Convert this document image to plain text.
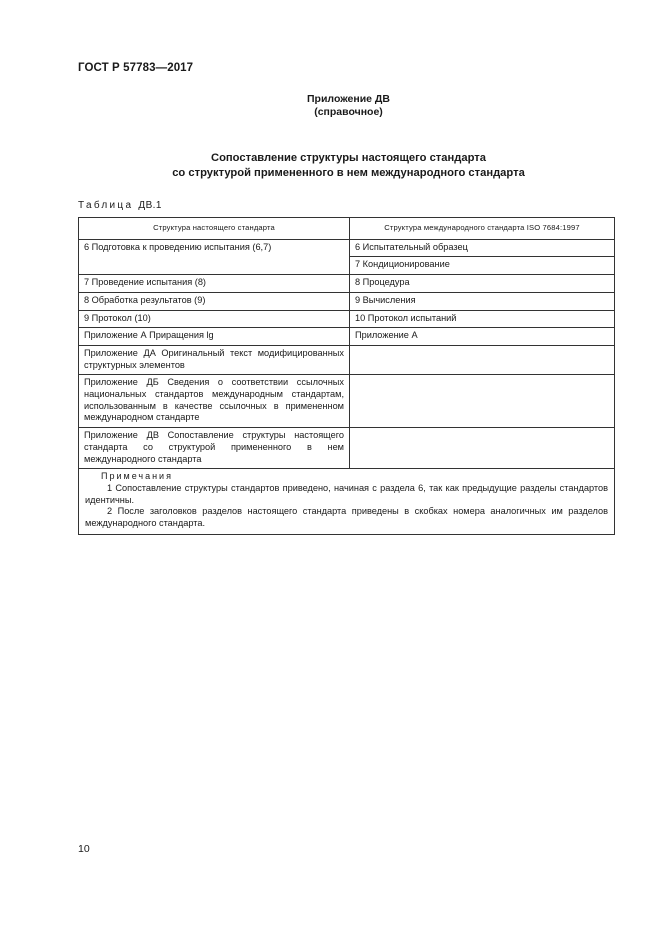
ГОСТ Р 57783—2017
Приложение ДВ
(справочное)
Сопоставление структуры настоящего стандарта
со структурой примененного в нем международного стандарта
Таблица ДВ.1
Структура настоящего стандарта	Структура международного стандарта ISO 7684:1997
6 Подготовка к проведению испытания (6,7)	6 Испытательный образец
	7 Кондиционирование
7 Проведение испытания (8)	8 Процедура
8 Обработка результатов (9)	9 Вычисления
9 Протокол (10)	10 Протокол испытаний
Приложение А Приращения lg	Приложение А
Приложение ДА Оригинальный текст модифицированных структурных элементов	
Приложение ДБ Сведения о соответствии ссылочных национальных стандартов международным стандартам, использованным в качестве ссылочных в примененном международном стандарте	
Приложение ДВ Сопоставление структуры настоящего стандарта со структурой примененного в нем международного стандарта	

Примечания
1 Сопоставление структуры стандартов приведено, начиная с раздела 6, так как предыдущие разделы стандартов идентичны.
2 После заголовков разделов настоящего стандарта приведены в скобках номера аналогичных им разделов международного стандарта.	
10
